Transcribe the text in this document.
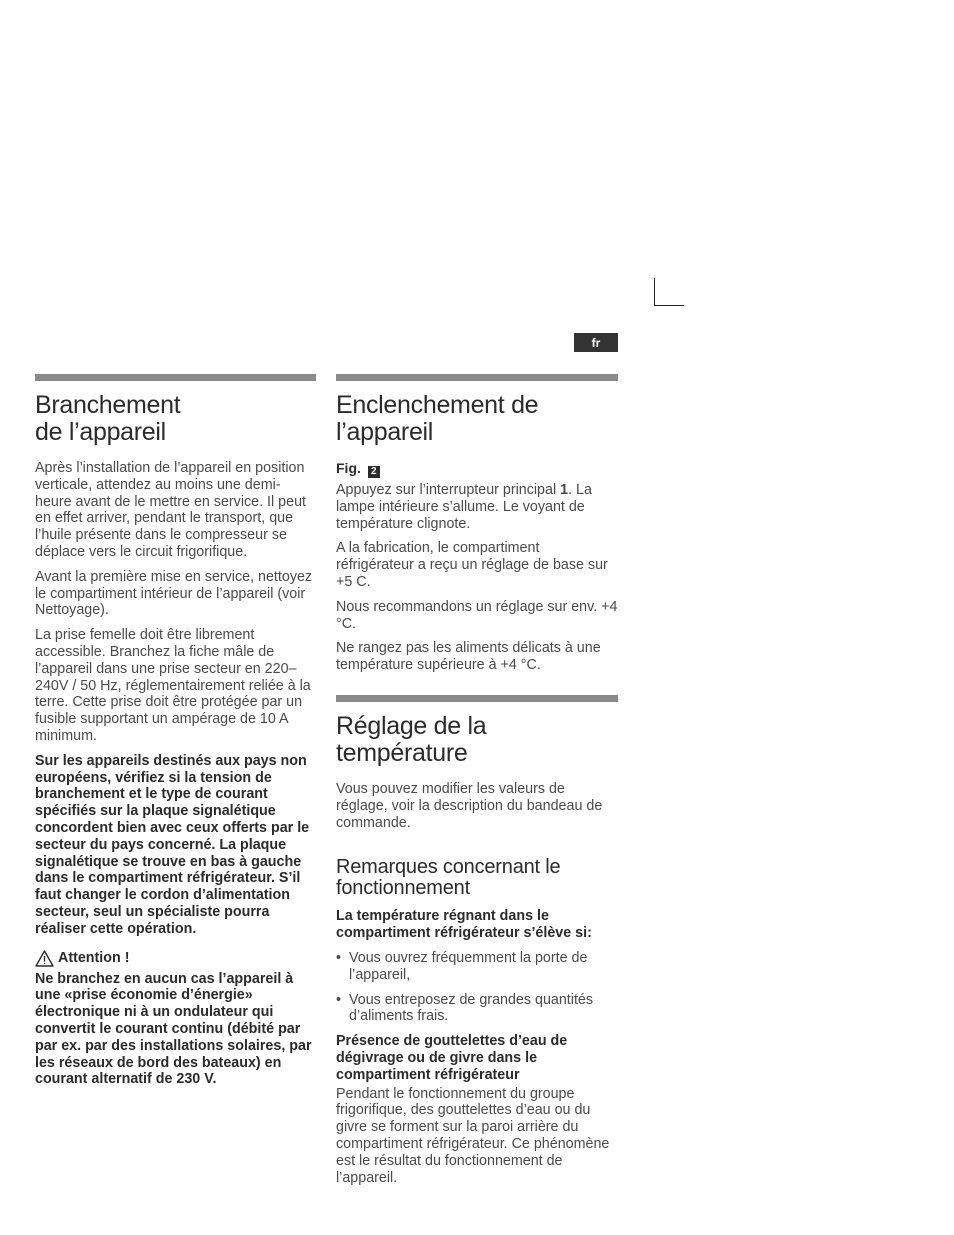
fr
Branchement
de l’appareil

Après l’installation de l’appareil en position verticale, attendez au moins une demi-heure avant de le mettre en service. Il peut en effet arriver, pendant le transport, que l’huile présente dans le compresseur se déplace vers le circuit frigorifique.

Avant la première mise en service, nettoyez le compartiment intérieur de l’appareil (voir Nettoyage).

La prise femelle doit être librement accessible. Branchez la fiche mâle de l’appareil dans une prise secteur en 220–240V / 50 Hz, réglementairement reliée à la terre. Cette prise doit être protégée par un fusible supportant un ampérage de 10 A minimum.

Sur les appareils destinés aux pays non européens, vérifiez si la tension de branchement et le type de courant spécifiés sur la plaque signalétique concordent bien avec ceux offerts par le secteur du pays concerné. La plaque signalétique se trouve en bas à gauche dans le compartiment réfrigérateur. S’il faut changer le cordon d’alimentation secteur, seul un spécialiste pourra réaliser cette opération.

Attention !

Ne branchez en aucun cas l’appareil à une «prise économie d’énergie» électronique ni à un ondulateur qui convertit le courant continu (débité par par ex. par des installations solaires, par les réseaux de bord des bateaux) en courant alternatif de 230 V.

Enclenchement de
l’appareil
Fig. 2

Appuyez sur l’interrupteur principal 1. La lampe intérieure s’allume. Le voyant de température clignote.

A la fabrication, le compartiment réfrigérateur a reçu un réglage de base sur +5 C.

Nous recommandons un réglage sur env. +4 °C.

Ne rangez pas les aliments délicats à une température supérieure à +4 °C.

Réglage de la
température

Vous pouvez modifier les valeurs de réglage, voir la description du bandeau de commande.

Remarques concernant le fonctionnement

La température régnant dans le compartiment réfrigérateur s’élève si:

• Vous ouvrez fréquemment la porte de l’appareil,
• Vous entreposez de grandes quantités d’aliments frais.

Présence de gouttelettes d’eau de dégivrage ou de givre dans le compartiment réfrigérateur

Pendant le fonctionnement du groupe frigorifique, des gouttelettes d’eau ou du givre se forment sur la paroi arrière du compartiment réfrigérateur. Ce phénomène est le résultat du fonctionnement de l’appareil.
